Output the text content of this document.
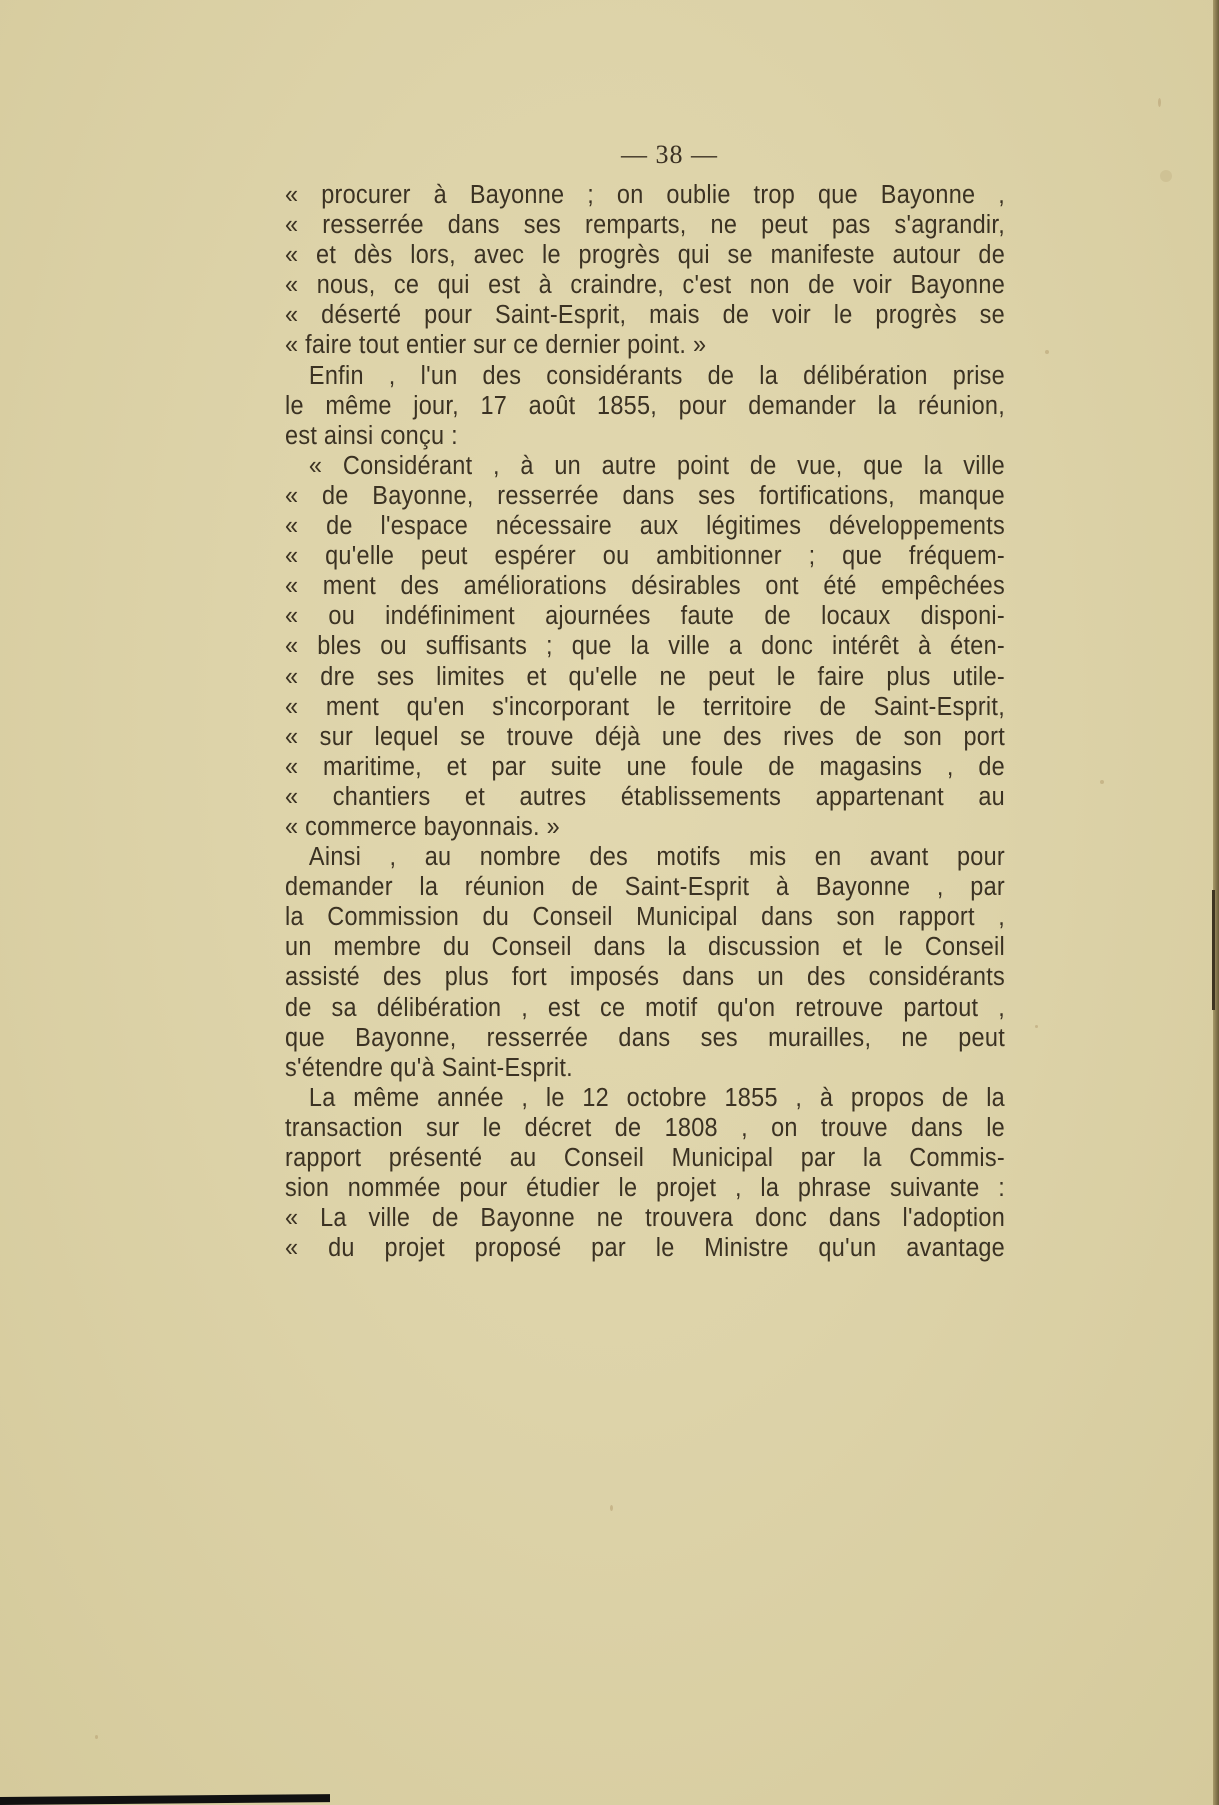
— 38 —
« procurer à Bayonne ; on oublie trop que Bayonne ,
« resserrée dans ses remparts, ne peut pas s'agrandir,
« et dès lors, avec le progrès qui se manifeste autour de
« nous, ce qui est à craindre, c'est non de voir Bayonne
« déserté pour Saint-Esprit, mais de voir le progrès se
« faire tout entier sur ce dernier point. »
Enfin , l'un des considérants de la délibération prise
le même jour, 17 août 1855, pour demander la réunion,
est ainsi conçu :
« Considérant , à un autre point de vue, que la ville
« de Bayonne, resserrée dans ses fortifications, manque
« de l'espace nécessaire aux légitimes développements
« qu'elle peut espérer ou ambitionner ; que fréquem-
« ment des améliorations désirables ont été empêchées
« ou indéfiniment ajournées faute de locaux disponi-
« bles ou suffisants ; que la ville a donc intérêt à éten-
« dre ses limites et qu'elle ne peut le faire plus utile-
« ment qu'en s'incorporant le territoire de Saint-Esprit,
« sur lequel se trouve déjà une des rives de son port
« maritime, et par suite une foule de magasins , de
« chantiers et autres établissements appartenant au
« commerce bayonnais. »
Ainsi , au nombre des motifs mis en avant pour
demander la réunion de Saint-Esprit à Bayonne , par
la Commission du Conseil Municipal dans son rapport ,
un membre du Conseil dans la discussion et le Conseil
assisté des plus fort imposés dans un des considérants
de sa délibération , est ce motif qu'on retrouve partout ,
que Bayonne, resserrée dans ses murailles, ne peut
s'étendre qu'à Saint-Esprit.
La même année , le 12 octobre 1855 , à propos de la
transaction sur le décret de 1808 , on trouve dans le
rapport présenté au Conseil Municipal par la Commis-
sion nommée pour étudier le projet , la phrase suivante :
« La ville de Bayonne ne trouvera donc dans l'adoption
« du projet proposé par le Ministre qu'un avantage
